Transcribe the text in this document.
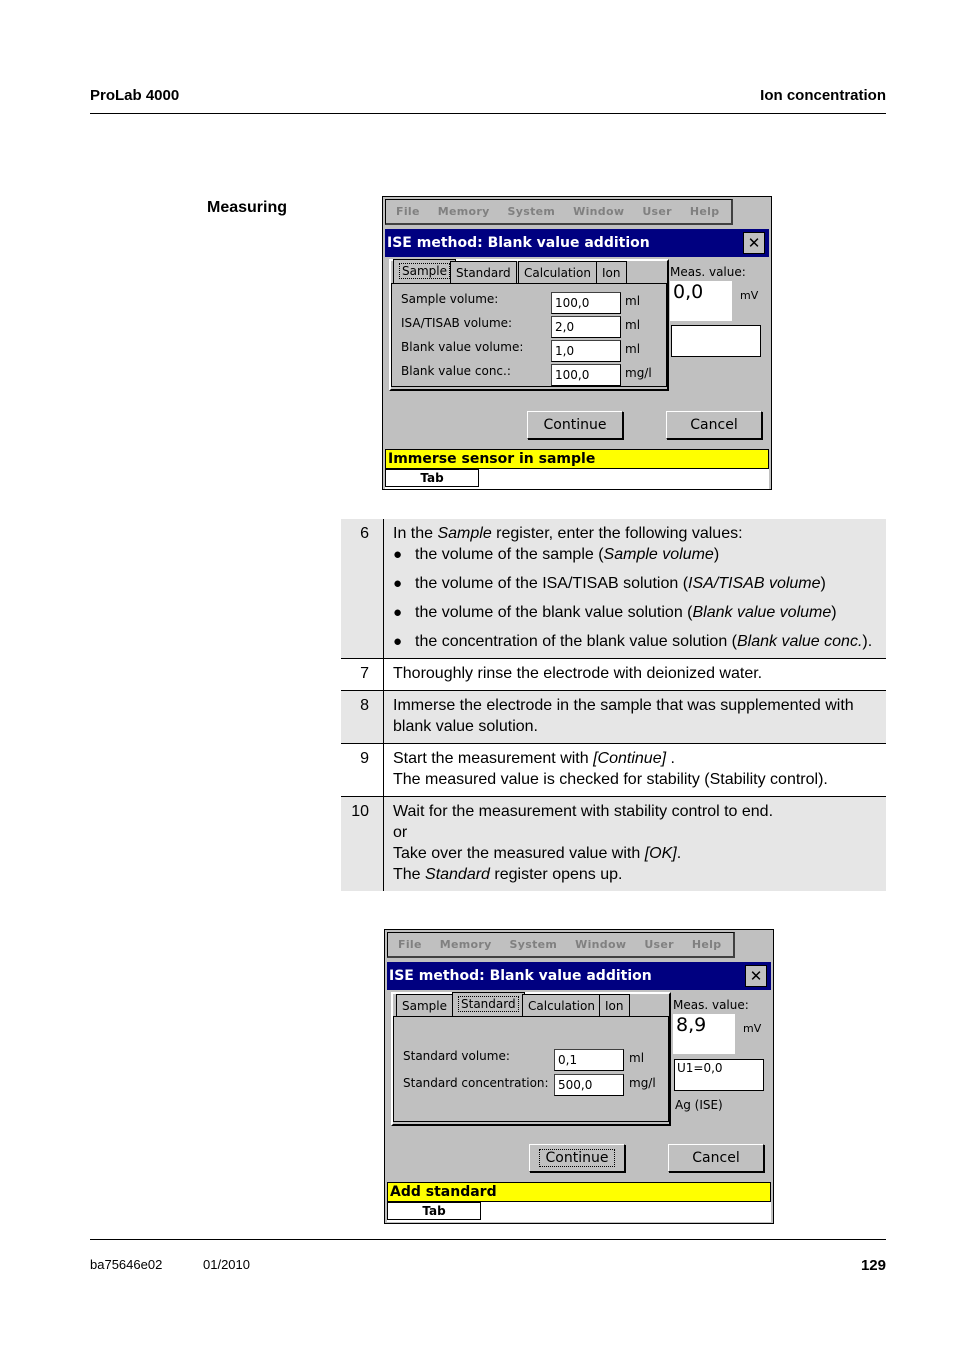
ProLab 4000	Ion concentration
Measuring	File Memory System Window User Help
ISE method: Blank value addition	✕
Sample Standard	Calculation Ion
Sample volume:	100,0	ml
ISA/TISAB volume:	2,0	ml
Blank value volume:	1,0	ml
Blank value conc.:	100,0	mg/l
Meas. value:
0,0	mV
Continue	Cancel
Immerse sensor in sample
Tab
6	In the Sample register, enter the following values:
● the volume of the sample (Sample volume)
● the volume of the ISA/TISAB solution (ISA/TISAB volume)
● the volume of the blank value solution (Blank value volume)
● the concentration of the blank value solution (Blank value conc.).
7	Thoroughly rinse the electrode with deionized water.
8	Immerse the electrode in the sample that was supplemented with blank value solution.
9	Start the measurement with [Continue] .
The measured value is checked for stability (Stability control).
10	Wait for the measurement with stability control to end.
or
Take over the measured value with [OK].
The Standard register opens up.
File Memory System Window User Help
ISE method: Blank value addition	✕
Sample	Standard	Calculation Ion
Standard volume:	0,1	ml
Standard concentration: 500,0	mg/l
Meas. value:
8,9	mV
U1=0,0
Ag (ISE)
Continue	Cancel
Add standard
Tab
ba75646e02	01/2010	129
